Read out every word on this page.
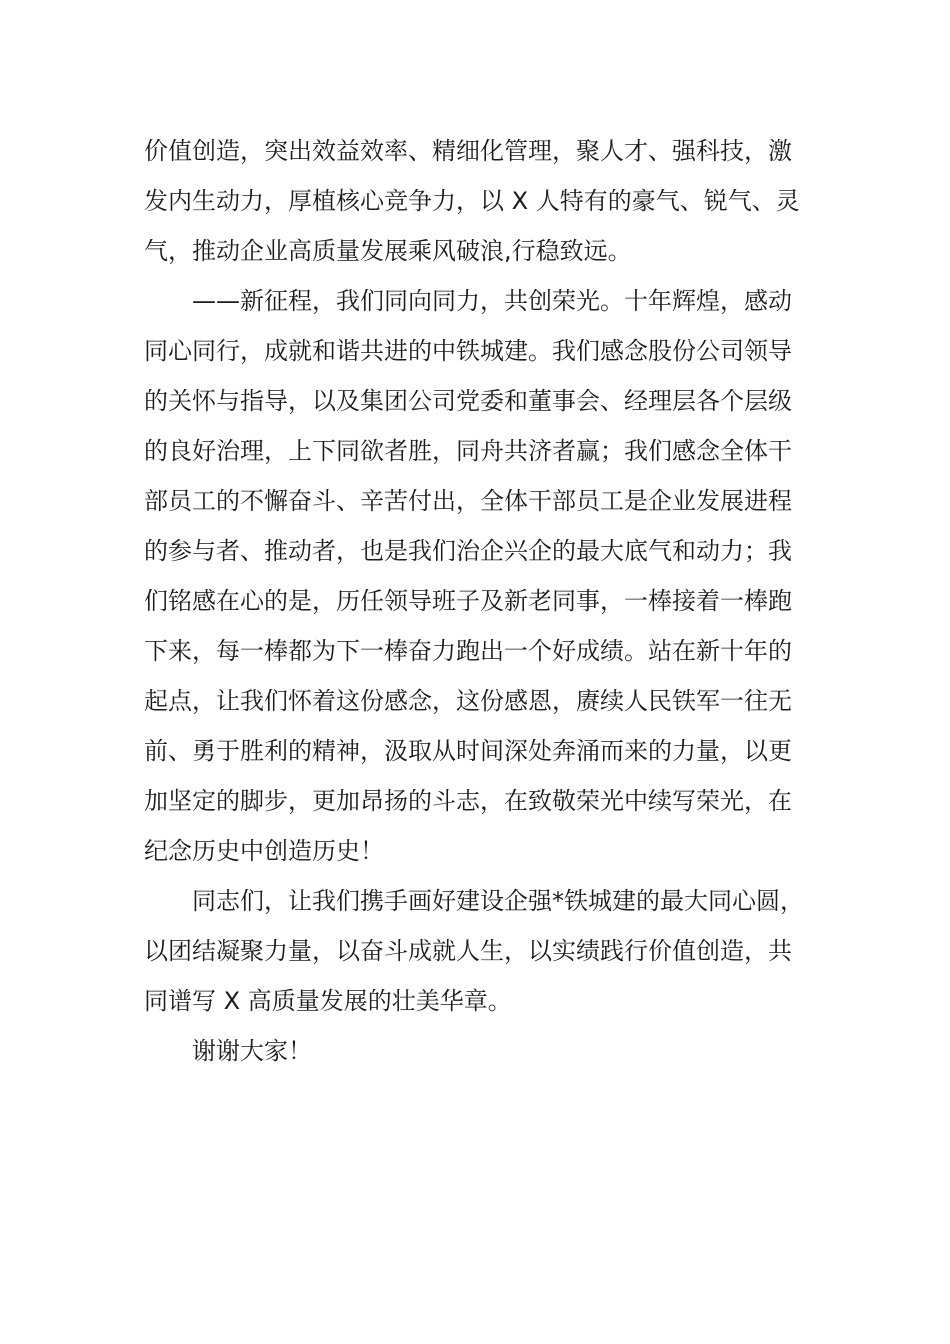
价值创造，突出效益效率、精细化管理，聚人才、强科技，激
发内生动力，厚植核心竞争力，以 X 人特有的豪气、锐气、灵
气，推动企业高质量发展乘风破浪,行稳致远。
　　——新征程，我们同向同力，共创荣光。十年辉煌，感动
同心同行，成就和谐共进的中铁城建。我们感念股份公司领导
的关怀与指导，以及集团公司党委和董事会、经理层各个层级
的良好治理，上下同欲者胜，同舟共济者赢；我们感念全体干
部员工的不懈奋斗、辛苦付出，全体干部员工是企业发展进程
的参与者、推动者，也是我们治企兴企的最大底气和动力；我
们铭感在心的是，历任领导班子及新老同事，一棒接着一棒跑
下来，每一棒都为下一棒奋力跑出一个好成绩。站在新十年的
起点，让我们怀着这份感念，这份感恩，赓续人民铁军一往无
前、勇于胜利的精神，汲取从时间深处奔涌而来的力量，以更
加坚定的脚步，更加昂扬的斗志，在致敬荣光中续写荣光，在
纪念历史中创造历史！
　　同志们，让我们携手画好建设企强*铁城建的最大同心圆，
以团结凝聚力量，以奋斗成就人生，以实绩践行价值创造，共
同谱写 X 高质量发展的壮美华章。
　　谢谢大家！
